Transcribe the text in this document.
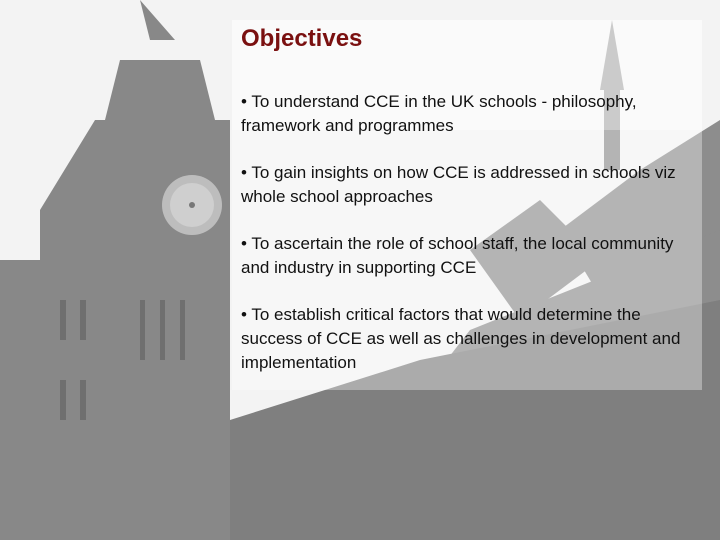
Objectives
• To understand CCE in the UK schools - philosophy, framework and programmes
• To gain insights on how CCE is addressed in schools viz whole school approaches
• To ascertain the role of school staff, the local community and industry in supporting CCE
• To establish critical factors that would determine the success of CCE as well as challenges in development and implementation
